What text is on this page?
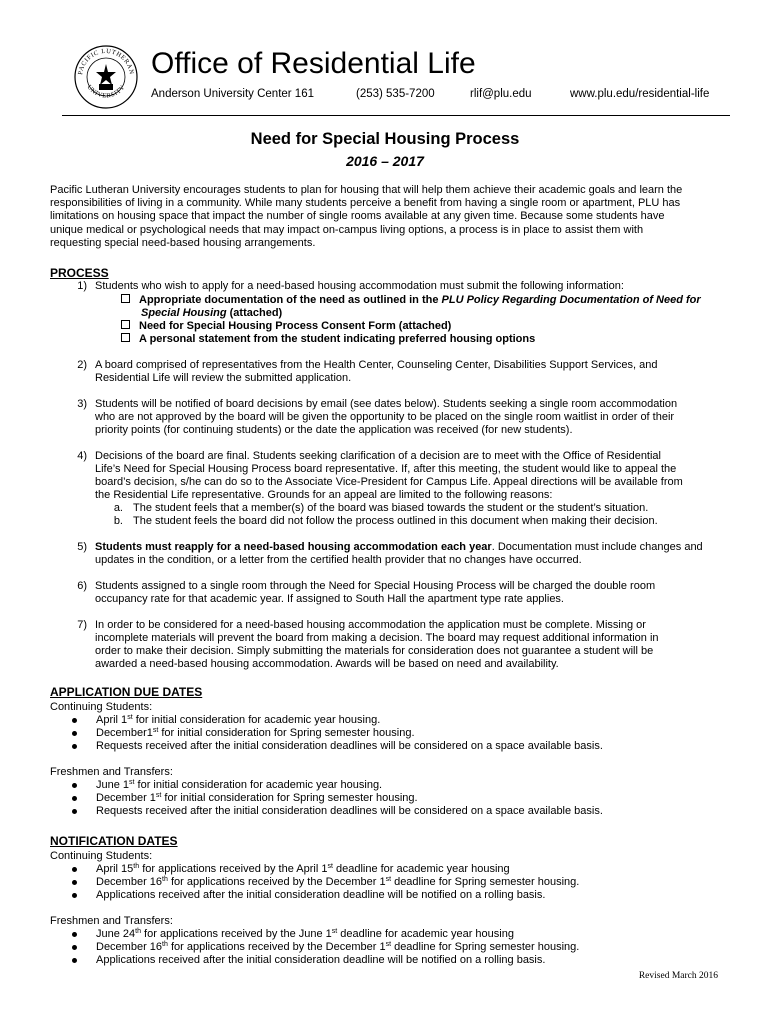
PACIFIC LUTHERAN
UNIVERSITY
Office of Residential Life
Anderson University Center 161	(253) 535-7200	rlif@plu.edu	www.plu.edu/residential-life
Need for Special Housing Process
2016 – 2017
Pacific Lutheran University encourages students to plan for housing that will help them achieve their academic goals and learn the
responsibilities of living in a community. While many students perceive a benefit from having a single room or apartment, PLU has
limitations on housing space that impact the number of single rooms available at any given time. Because some students have
unique medical or psychological needs that may impact on-campus living options, a process is in place to assist them with
requesting special need-based housing arrangements.
PROCESS
1) Students who wish to apply for a need-based housing accommodation must submit the following information:
Appropriate documentation of the need as outlined in the PLU Policy Regarding Documentation of Need for
Special Housing (attached)
Need for Special Housing Process Consent Form (attached)
A personal statement from the student indicating preferred housing options
2) A board comprised of representatives from the Health Center, Counseling Center, Disabilities Support Services, and
Residential Life will review the submitted application.
3) Students will be notified of board decisions by email (see dates below). Students seeking a single room accommodation
who are not approved by the board will be given the opportunity to be placed on the single room waitlist in order of their
priority points (for continuing students) or the date the application was received (for new students).
4) Decisions of the board are final. Students seeking clarification of a decision are to meet with the Office of Residential
Life’s Need for Special Housing Process board representative. If, after this meeting, the student would like to appeal the
board’s decision, s/he can do so to the Associate Vice-President for Campus Life. Appeal directions will be available from
the Residential Life representative. Grounds for an appeal are limited to the following reasons:
a. The student feels that a member(s) of the board was biased towards the student or the student’s situation.
b. The student feels the board did not follow the process outlined in this document when making their decision.
5) Students must reapply for a need-based housing accommodation each year. Documentation must include changes and
updates in the condition, or a letter from the certified health provider that no changes have occurred.
6) Students assigned to a single room through the Need for Special Housing Process will be charged the double room
occupancy rate for that academic year. If assigned to South Hall the apartment type rate applies.
7) In order to be considered for a need-based housing accommodation the application must be complete. Missing or
incomplete materials will prevent the board from making a decision. The board may request additional information in
order to make their decision. Simply submitting the materials for consideration does not guarantee a student will be
awarded a need-based housing accommodation. Awards will be based on need and availability.
APPLICATION DUE DATES
Continuing Students:
April 1st for initial consideration for academic year housing.
December1st for initial consideration for Spring semester housing.
Requests received after the initial consideration deadlines will be considered on a space available basis.
Freshmen and Transfers:
June 1st for initial consideration for academic year housing.
December 1st for initial consideration for Spring semester housing.
Requests received after the initial consideration deadlines will be considered on a space available basis.
NOTIFICATION DATES
Continuing Students:
April 15th for applications received by the April 1st deadline for academic year housing
December 16th for applications received by the December 1st deadline for Spring semester housing.
Applications received after the initial consideration deadline will be notified on a rolling basis.
Freshmen and Transfers:
June 24th for applications received by the June 1st deadline for academic year housing
December 16th for applications received by the December 1st deadline for Spring semester housing.
Applications received after the initial consideration deadline will be notified on a rolling basis.
Revised March 2016
